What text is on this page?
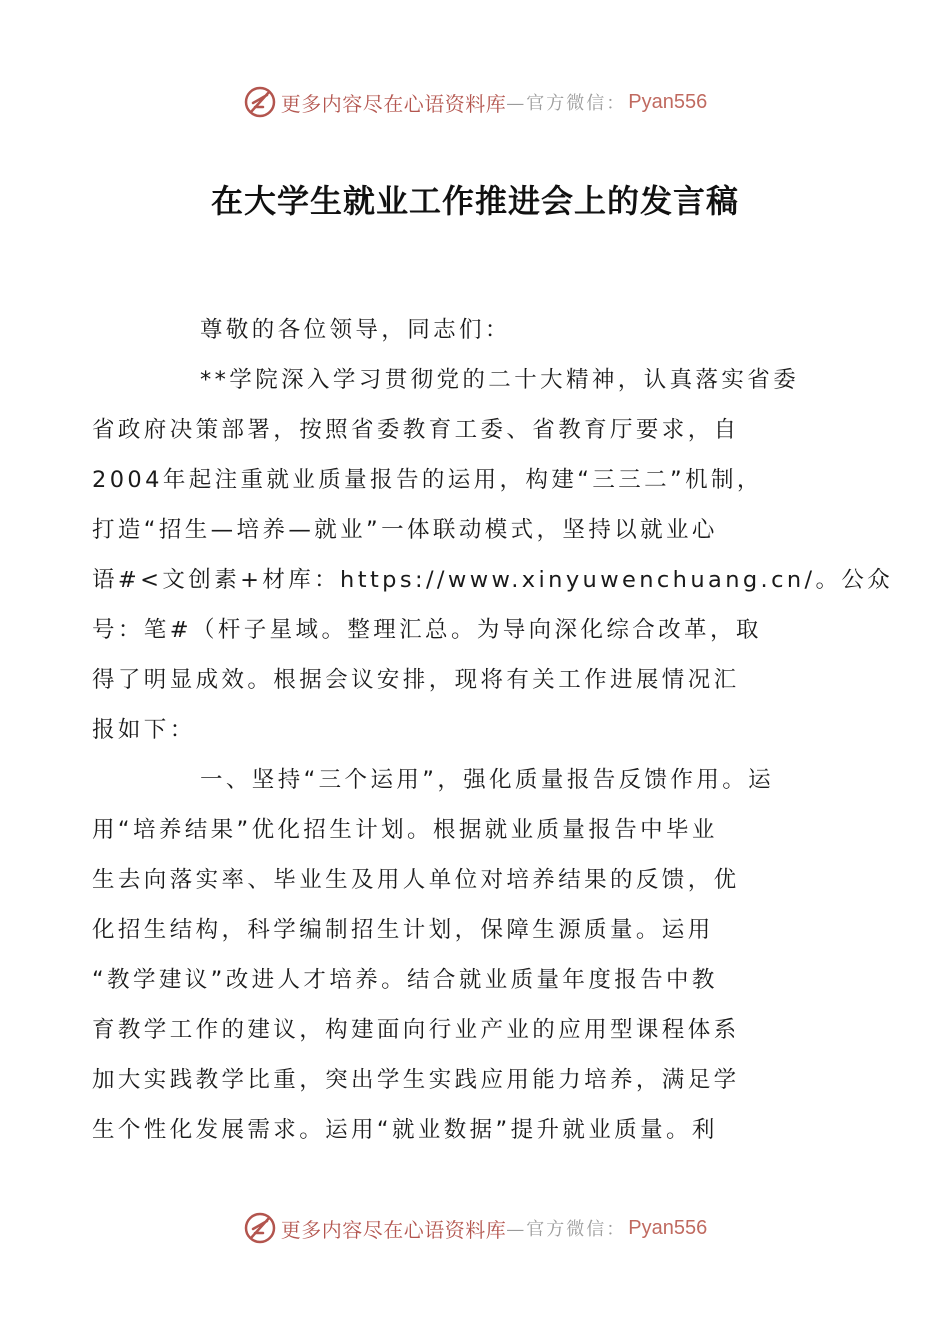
更多内容尽在心语资料库 —官方微信： Pyan556
在大学生就业工作推进会上的发言稿

尊敬的各位领导，同志们：

**学院深入学习贯彻党的二十大精神，认真落实省委
省政府决策部署，按照省委教育工委、省教育厅要求，自
2004年起注重就业质量报告的运用，构建“三三二”机制，
打造“招生—培养—就业”一体联动模式，坚持以就业心
语#<文创素+材库：https://www.xinyuwenchuang.cn/。公众
号：笔#（杆子星域。整理汇总。为导向深化综合改革，取
得了明显成效。根据会议安排，现将有关工作进展情况汇
报如下：

一、坚持“三个运用”，强化质量报告反馈作用。运
用“培养结果”优化招生计划。根据就业质量报告中毕业
生去向落实率、毕业生及用人单位对培养结果的反馈，优
化招生结构，科学编制招生计划，保障生源质量。运用
“教学建议”改进人才培养。结合就业质量年度报告中教
育教学工作的建议，构建面向行业产业的应用型课程体系
加大实践教学比重，突出学生实践应用能力培养，满足学
生个性化发展需求。运用“就业数据”提升就业质量。利

更多内容尽在心语资料库 —官方微信： Pyan556
